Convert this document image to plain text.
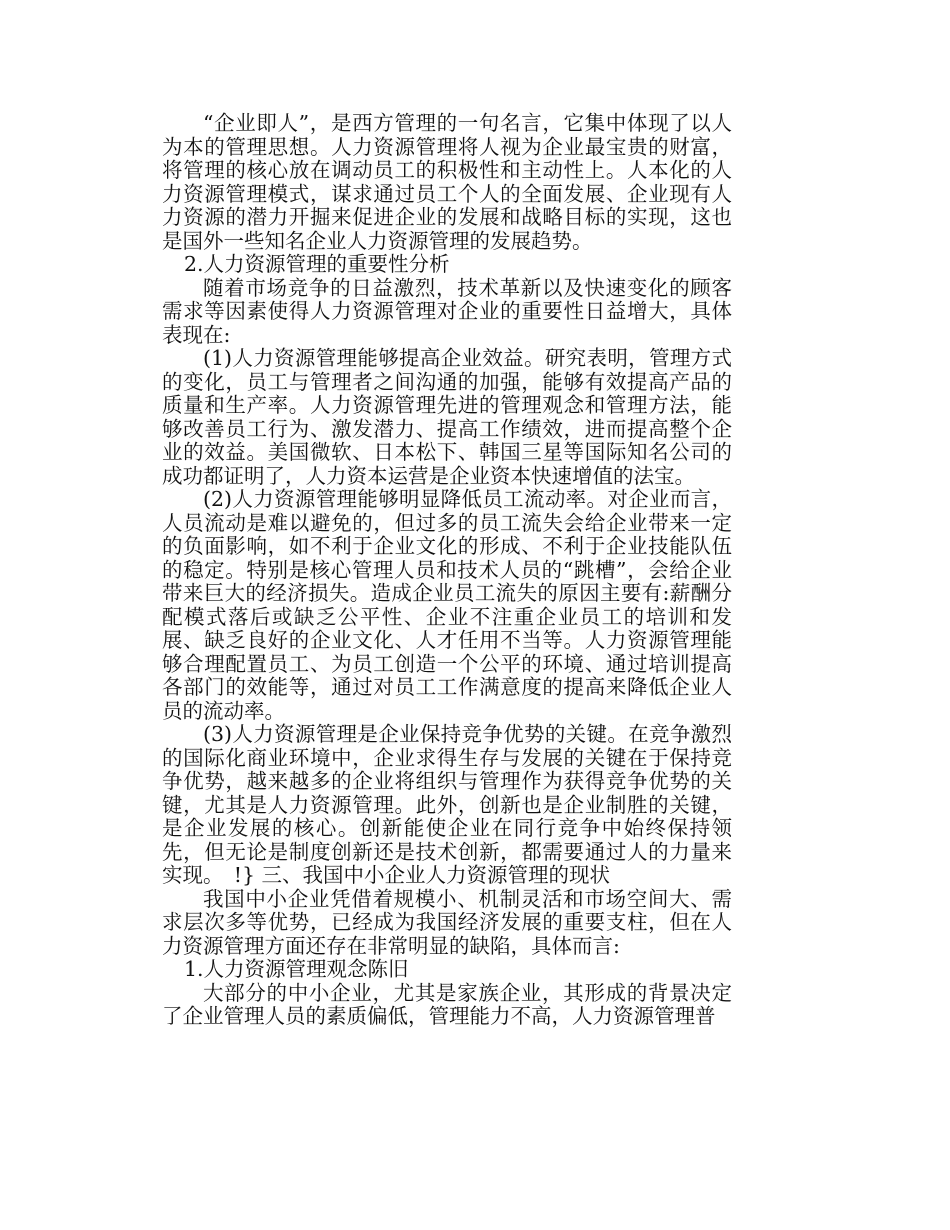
“企业即人”，是西方管理的一句名言，它集中体现了以人为本的管理思想。人力资源管理将人视为企业最宝贵的财富，将管理的核心放在调动员工的积极性和主动性上。人本化的人力资源管理模式，谋求通过员工个人的全面发展、企业现有人力资源的潜力开掘来促进企业的发展和战略目标的实现，这也是国外一些知名企业人力资源管理的发展趋势。

2.人力资源管理的重要性分析

随着市场竞争的日益激烈，技术革新以及快速变化的顾客需求等因素使得人力资源管理对企业的重要性日益增大，具体表现在:

(1)人力资源管理能够提高企业效益。研究表明，管理方式的变化，员工与管理者之间沟通的加强，能够有效提高产品的质量和生产率。人力资源管理先进的管理观念和管理方法，能够改善员工行为、激发潜力、提高工作绩效，进而提高整个企业的效益。美国微软、日本松下、韩国三星等国际知名公司的成功都证明了，人力资本运营是企业资本快速增值的法宝。

(2)人力资源管理能够明显降低员工流动率。对企业而言，人员流动是难以避免的，但过多的员工流失会给企业带来一定的负面影响，如不利于企业文化的形成、不利于企业技能队伍的稳定。特别是核心管理人员和技术人员的“跳槽”，会给企业带来巨大的经济损失。造成企业员工流失的原因主要有:薪酬分配模式落后或缺乏公平性、企业不注重企业员工的培训和发展、缺乏良好的企业文化、人才任用不当等。人力资源管理能够合理配置员工、为员工创造一个公平的环境、通过培训提高各部门的效能等，通过对员工工作满意度的提高来降低企业人员的流动率。

(3)人力资源管理是企业保持竞争优势的关键。在竞争激烈的国际化商业环境中，企业求得生存与发展的关键在于保持竞争优势，越来越多的企业将组织与管理作为获得竞争优势的关键，尤其是人力资源管理。此外，创新也是企业制胜的关键，是企业发展的核心。创新能使企业在同行竞争中始终保持领先，但无论是制度创新还是技术创新，都需要通过人的力量来实现。　!} 三、我国中小企业人力资源管理的现状

我国中小企业凭借着规模小、机制灵活和市场空间大、需求层次多等优势，已经成为我国经济发展的重要支柱，但在人力资源管理方面还存在非常明显的缺陷，具体而言:

1.人力资源管理观念陈旧

大部分的中小企业，尤其是家族企业，其形成的背景决定了企业管理人员的素质偏低，管理能力不高，人力资源管理普
